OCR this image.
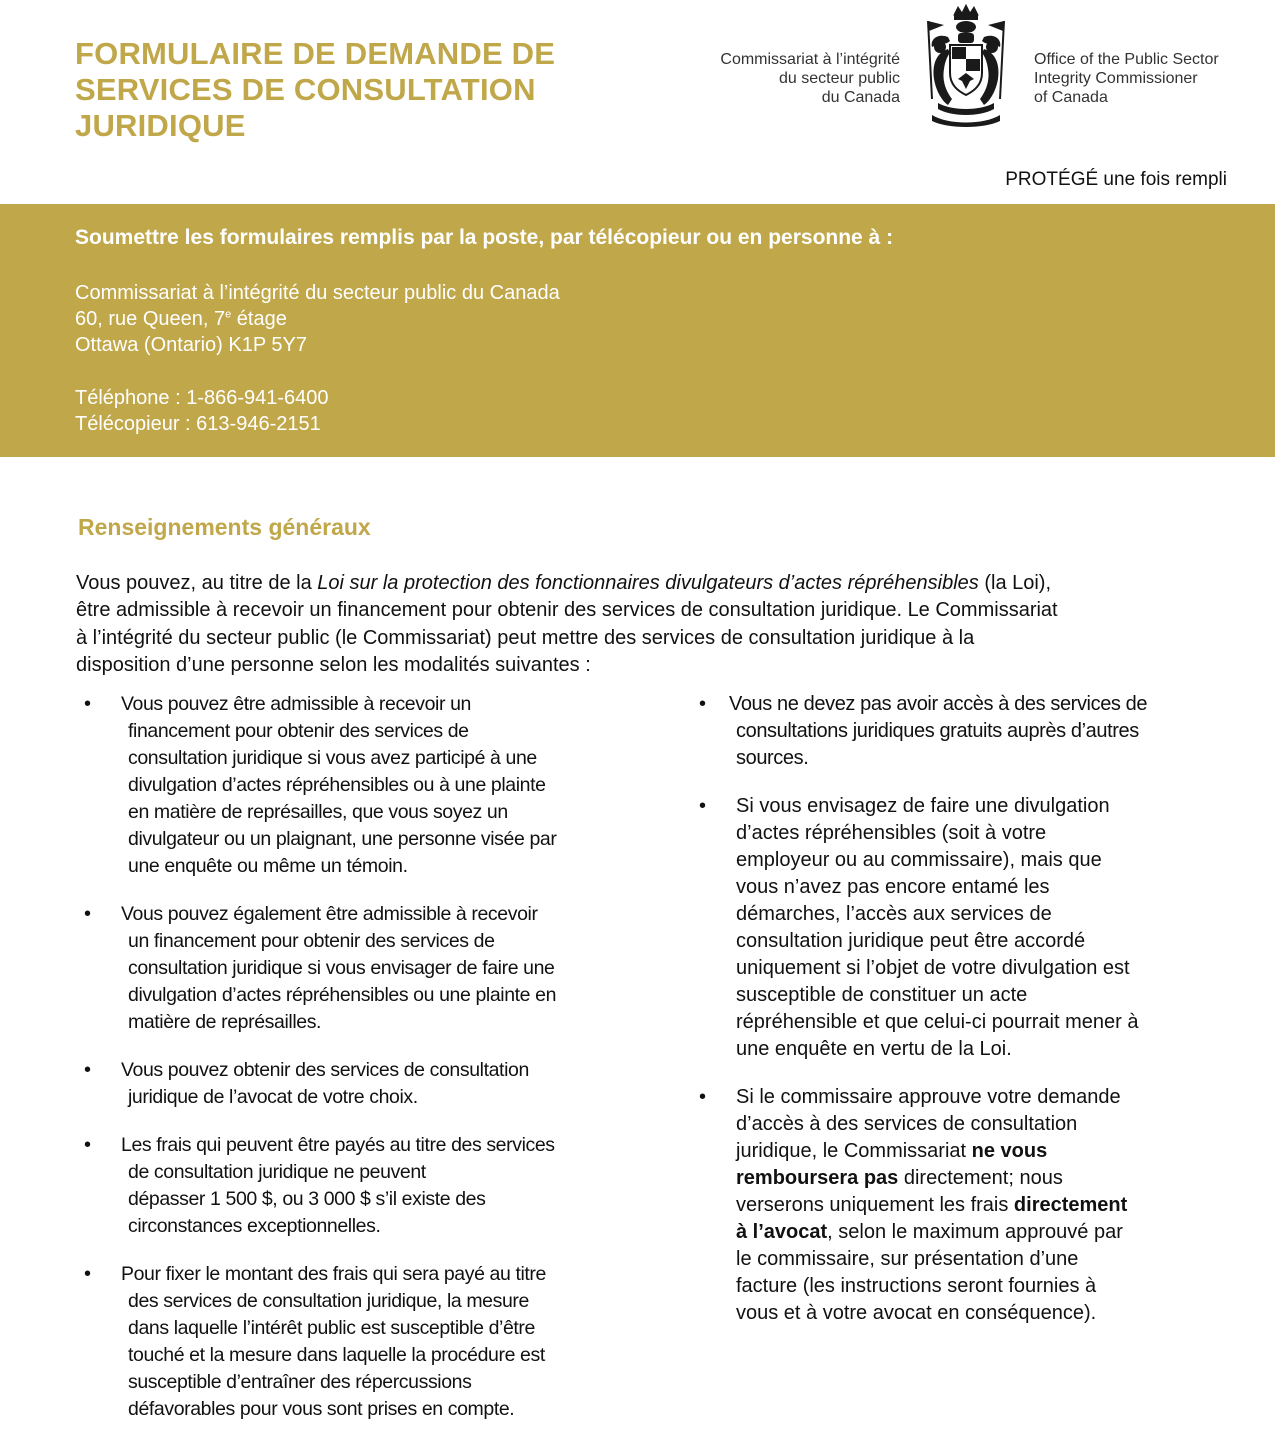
FORMULAIRE DE DEMANDE DE
SERVICES DE CONSULTATION
JURIDIQUE
Commissariat à l’intégrité
du secteur public
du Canada
Office of the Public Sector
Integrity Commissioner
of Canada
PROTÉGÉ une fois rempli
Soumettre les formulaires remplis par la poste, par télécopieur ou en personne à :
Commissariat à l’intégrité du secteur public du Canada
60, rue Queen, 7e étage
Ottawa (Ontario) K1P 5Y7
Téléphone : 1-866-941-6400
Télécopieur : 613-946-2151
Renseignements généraux
Vous pouvez, au titre de la Loi sur la protection des fonctionnaires divulgateurs d’actes répréhensibles (la Loi),
être admissible à recevoir un financement pour obtenir des services de consultation juridique. Le Commissariat
à l’intégrité du secteur public (le Commissariat) peut mettre des services de consultation juridique à la
disposition d’une personne selon les modalités suivantes :
• Vous pouvez être admissible à recevoir un
financement pour obtenir des services de
consultation juridique si vous avez participé à une
divulgation d’actes répréhensibles ou à une plainte
en matière de représailles, que vous soyez un
divulgateur ou un plaignant, une personne visée par
une enquête ou même un témoin.
• Vous pouvez également être admissible à recevoir
un financement pour obtenir des services de
consultation juridique si vous envisager de faire une
divulgation d’actes répréhensibles ou une plainte en
matière de représailles.
• Vous pouvez obtenir des services de consultation
juridique de l’avocat de votre choix.
• Les frais qui peuvent être payés au titre des services
de consultation juridique ne peuvent
dépasser 1 500 $, ou 3 000 $ s’il existe des
circonstances exceptionnelles.
• Pour fixer le montant des frais qui sera payé au titre
des services de consultation juridique, la mesure
dans laquelle l’intérêt public est susceptible d’être
touché et la mesure dans laquelle la procédure est
susceptible d’entraîner des répercussions
défavorables pour vous sont prises en compte.
• Vous ne devez pas avoir accès à des services de
consultations juridiques gratuits auprès d’autres
sources.
• Si vous envisagez de faire une divulgation
d’actes répréhensibles (soit à votre
employeur ou au commissaire), mais que
vous n’avez pas encore entamé les
démarches, l’accès aux services de
consultation juridique peut être accordé
uniquement si l’objet de votre divulgation est
susceptible de constituer un acte
répréhensible et que celui-ci pourrait mener à
une enquête en vertu de la Loi.
• Si le commissaire approuve votre demande
d’accès à des services de consultation
juridique, le Commissariat ne vous
remboursera pas directement; nous
verserons uniquement les frais directement
à l’avocat, selon le maximum approuvé par
le commissaire, sur présentation d’une
facture (les instructions seront fournies à
vous et à votre avocat en conséquence).
